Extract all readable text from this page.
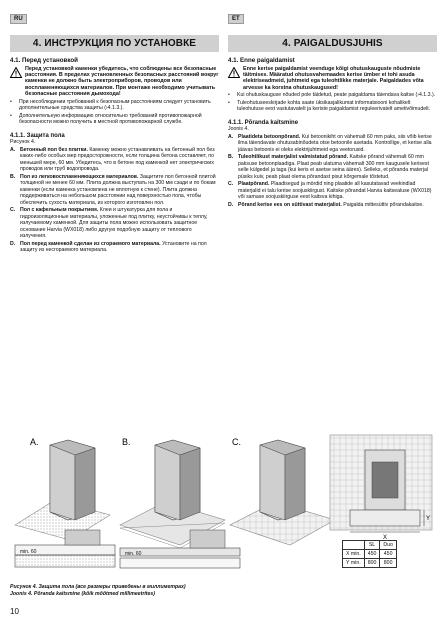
RU	ET
4. ИНСТРУКЦИЯ ПО УСТАНОВКЕ	4. PAIGALDUSJUHIS
4.1. Перед установкой
Перед установкой каменки убедитесь, что соблюдены все безопасные расстояния. В пределах установленных безопасных расстояний вокруг каменки не должно быть электроприборов, проводов или воспламеняющихся материалов. При монтаже необходимо учитывать безопасные расстояния дымохода!
•	При несоблюдении требований к безопасным расстояниям следует установить дополнительные средства защиты (›4.1.3.).
•	Дополнительную информацию относительно требований противопожарной безопасности можно получить в местной противопожарной службе.
4.1.1. Защита пола
Рисунок 4.
A. Бетонный пол без плитки. Каменку можно устанавливать на бетонный пол без каких-либо особых мер предосторожности, если толщина бетона составляет, по меньшей мере, 60 мм. Убедитесь, что в бетоне под каменкой нет электрических проводов или труб водопровода.
B. Пол из легковоспламеняющихся материалов. Защитите пол бетонной плитой толщиной не менее 60 мм. Плита должна выступать на 300 мм сзади и по бокам каменки (если каменка установлена не вплотную к стене). Плита должна поддерживаться на небольшом расстоянии над поверхностью пола, чтобы обеспечить сухость материала, из которого изготовлен пол.
C. Пол с кафельным покрытием. Клеи и штукатурка для пола и гидроизоляционные материалы, уложенные под плитку, неустойчивы к теплу, излучаемому каменкой. Для защиты пола можно использовать защитное основание Harvia (WX018) либо другую подобную защиту от теплового излучения.
D. Пол перед каменкой сделан из сгораемого материала. Установите на пол защиту из несгораемого материала.
4.1. Enne paigaldamist
Enne kerise paigaldamist veenduge kõigi ohutuskauguste nõudmiste täitmises. Määratud ohutusvahemaades kerise ümber ei tohi asuda elektriseadmeid, juhtmeid ega tuleohtlikke materjale. Paigaldades võta arvesse ka korstna ohutuskaugused!
•	Kui ohutuskauguse nõuded pole täidetud, peate paigaldama täiendava kaitse (›4.1.3.).
•	Tuleohutuseeskirjade kohta saate üksikasjalikumat informatsiooni kohalikelt tuleohutuse eest vastutavatelt ja keriste paigaldamist reguleerivatelt ametivõimudelt.
4.1.1. Põranda kaitsmine
Joonis 4.
A. Plaatideta betoonpõrand. Kui betoonikiht on vähemalt 60 mm paks, siis võib kerise ilma täiendavate ohutusabinõudeta otse betoonile asetada. Kontrollige, et kerise alla jäävas betoonis ei oleks elektrijuhtmeid ega veetorusid.
B. Tuleohtlikust materjalist valmistatud põrand. Kaitske põrand vähemalt 60 mm paksuse betoonplaadiga. Plaat peab ulatuma vähemalt 300 mm kaugusele kerisest selle külgedel ja taga (kui keris ei asetse seina ääres). Selleks, et põranda materjal püsiks kuiv, peab plaat olema põrandast pisut kõrgemale tõstetud.
C. Plaatpõrand. Plaadisegud ja mördid ning plaatide all kasutatavad veekindlad materjalid ei talu kerise soojuskiirgust. Kaitske põrandat Harvia kaitsealuse (WX018) või samase soojuskiirguse eest kaitsva kihiga.
D. Põrand kerise ees on süttivast materjalist. Paigalda mittesüttiv põrandakaitse.
A.	B.	C.
X
Y
min. 60	min. 60
	SL	Duo
X min.	450	450
Y min.	800	800
Рисунок 4. Защита пола (все размеры приведены в миллиметрах)
Joonis 4. Põranda kaitsmine (kõik mõõtmed millimeetrites)
10
